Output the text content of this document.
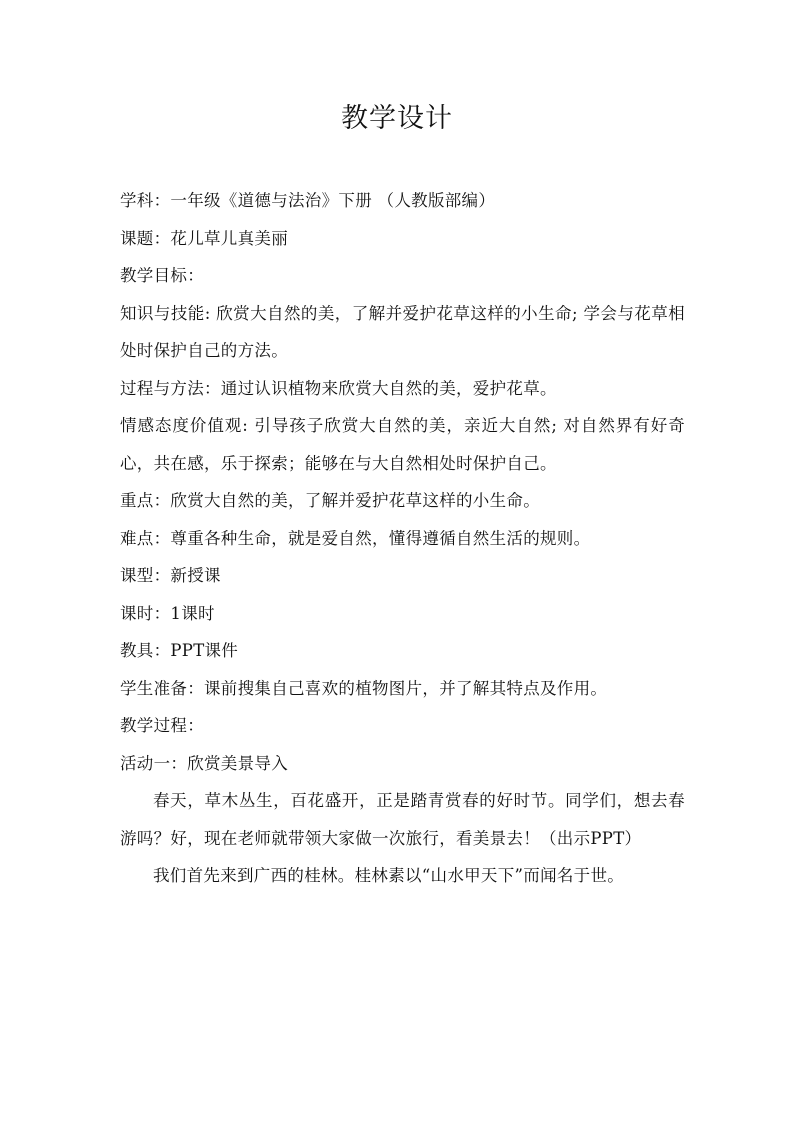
教学设计
学科：一年级《道德与法治》下册 （人教版部编）
课题：花儿草儿真美丽
教学目标：
知识与技能: 欣赏大自然的美，了解并爱护花草这样的小生命; 学会与花草相处时保护自己的方法。
过程与方法：通过认识植物来欣赏大自然的美，爱护花草。
情感态度价值观: 引导孩子欣赏大自然的美，亲近大自然; 对自然界有好奇心，共在感，乐于探索；能够在与大自然相处时保护自己。
重点：欣赏大自然的美，了解并爱护花草这样的小生命。
难点：尊重各种生命，就是爱自然，懂得遵循自然生活的规则。
课型：新授课
课时：1课时
教具：PPT课件
学生准备：课前搜集自己喜欢的植物图片，并了解其特点及作用。
教学过程：
活动一：欣赏美景导入
春天，草木丛生，百花盛开，正是踏青赏春的好时节。同学们，想去春游吗？好，现在老师就带领大家做一次旅行，看美景去！（出示PPT）
我们首先来到广西的桂林。桂林素以“山水甲天下”而闻名于世。
